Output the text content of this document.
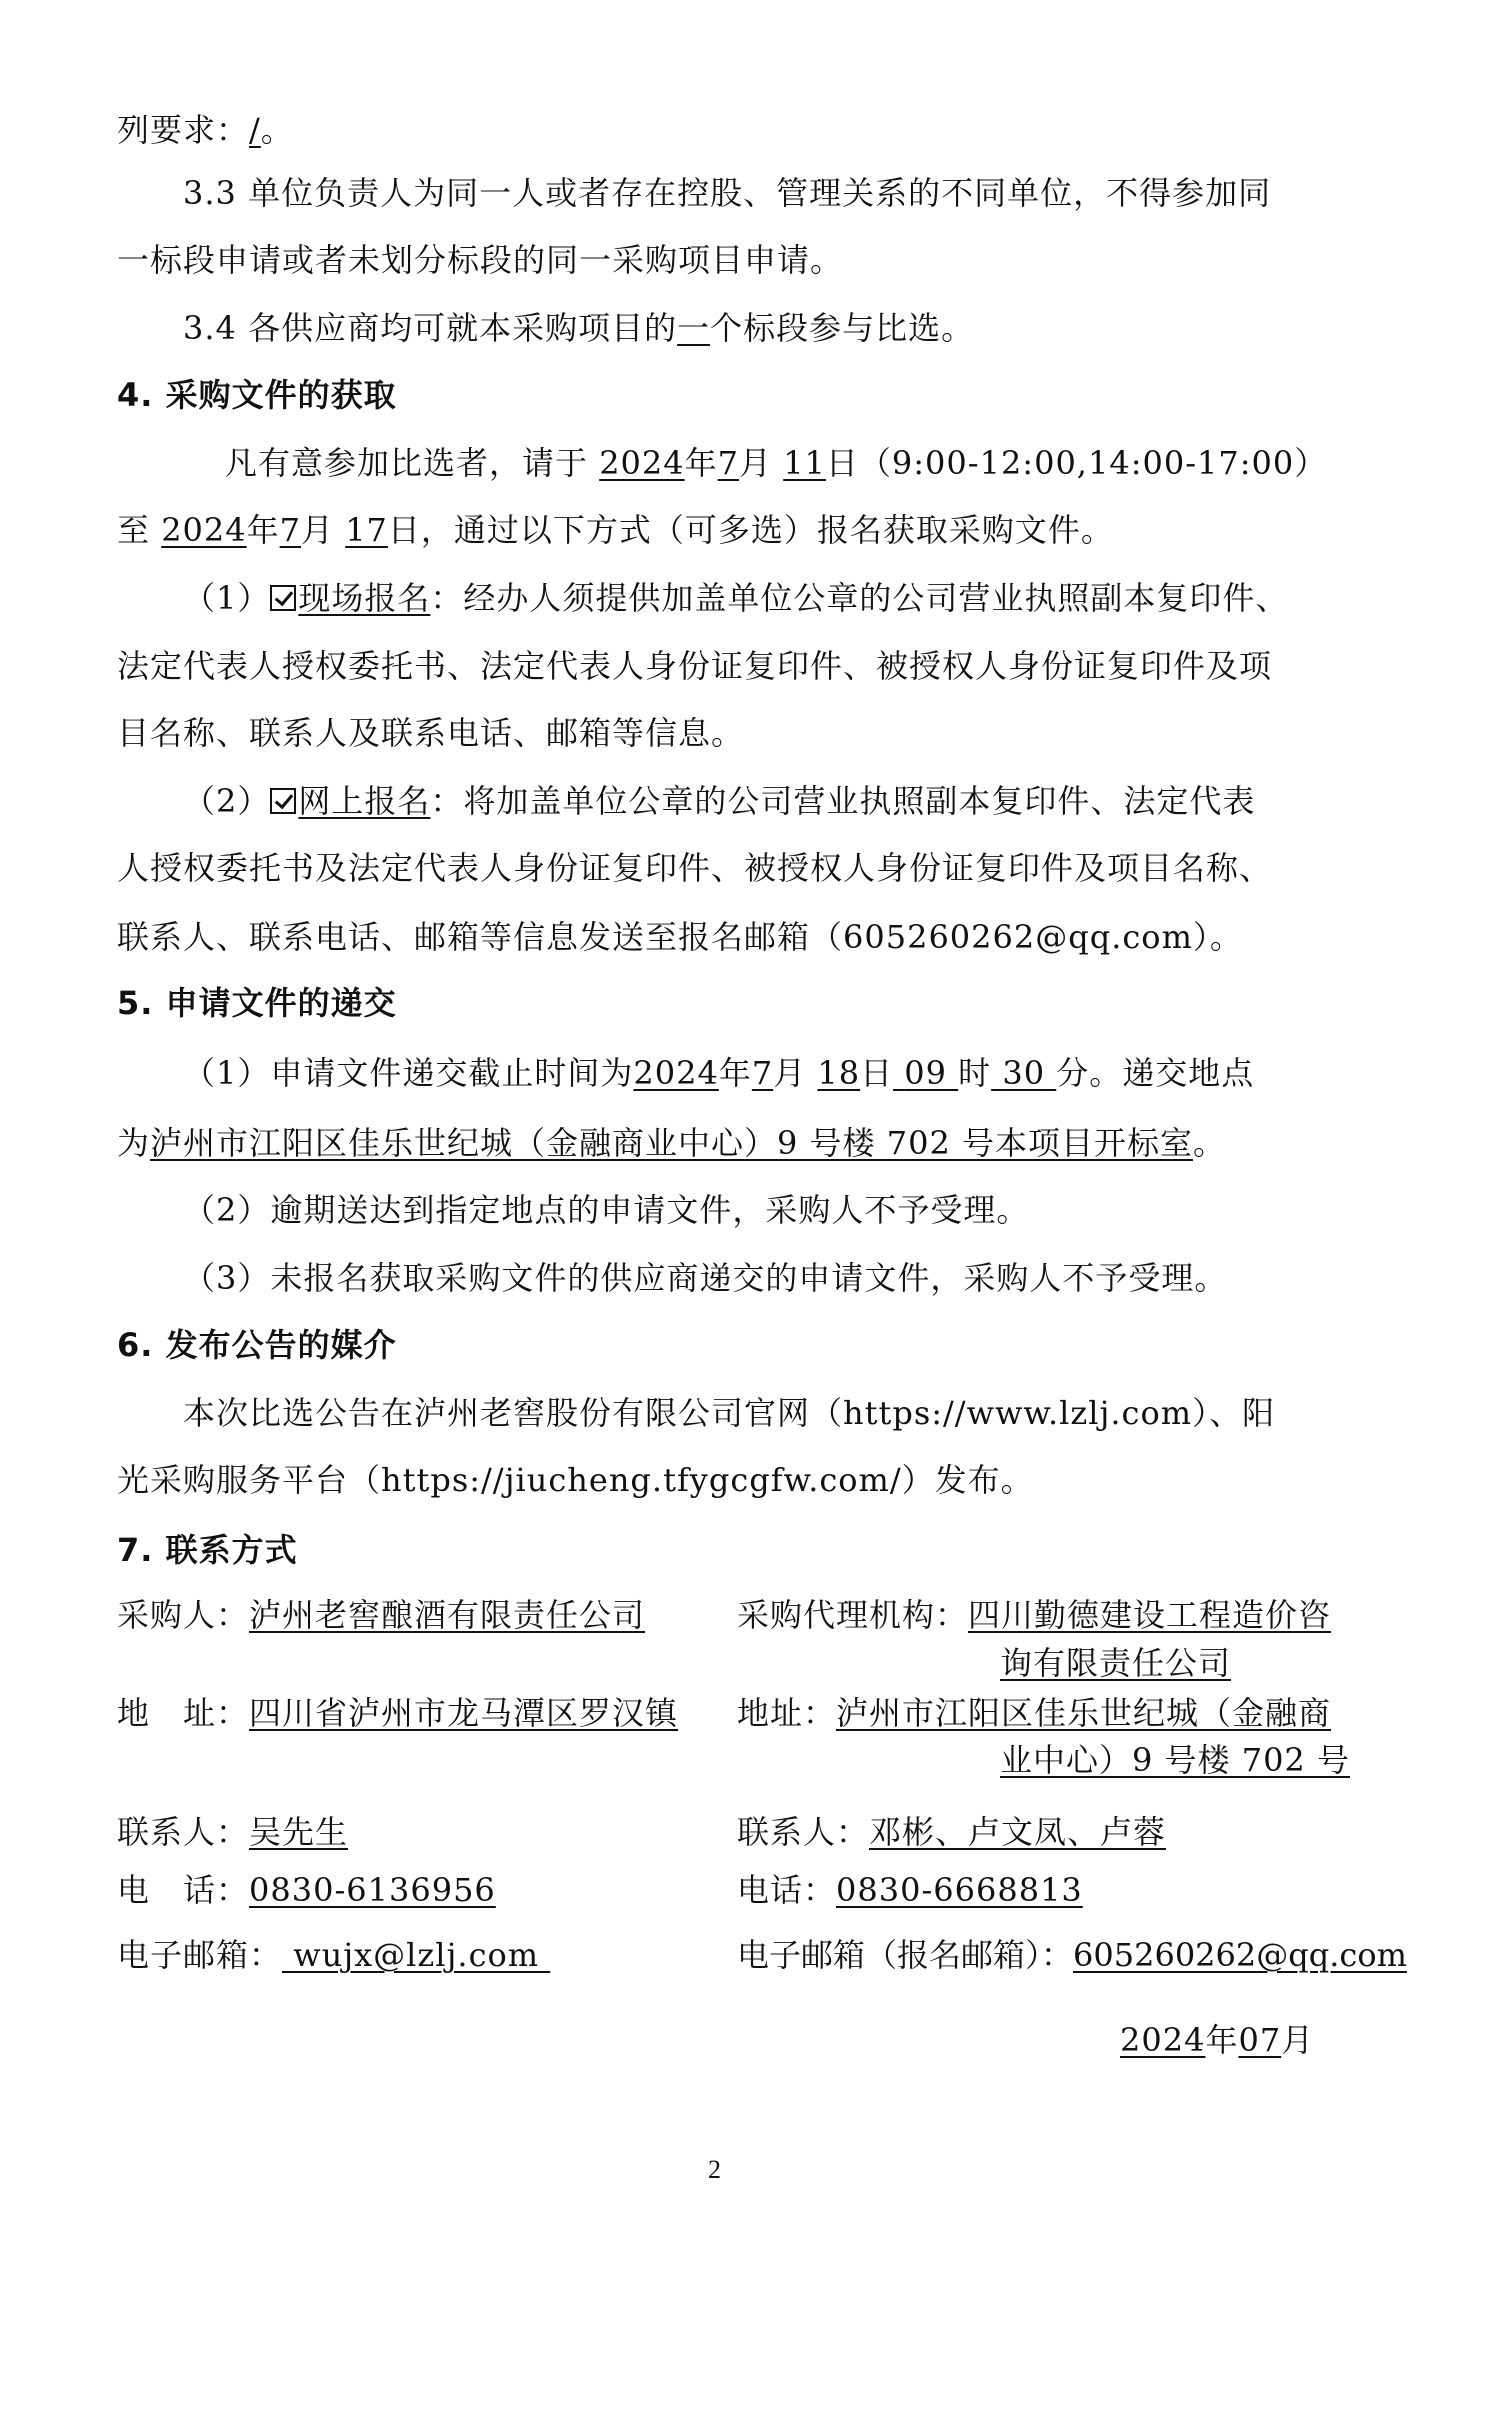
列要求：/。
3.3 单位负责人为同一人或者存在控股、管理关系的不同单位，不得参加同
一标段申请或者未划分标段的同一采购项目申请。
3.4 各供应商均可就本采购项目的一个标段参与比选。
4. 采购文件的获取
凡有意参加比选者，请于 2024年7月 11日（9:00-12:00,14:00-17:00）
至 2024年7月 17日，通过以下方式（可多选）报名获取采购文件。
（1） 现场报名：经办人须提供加盖单位公章的公司营业执照副本复印件、
法定代表人授权委托书、法定代表人身份证复印件、被授权人身份证复印件及项
目名称、联系人及联系电话、邮箱等信息。
（2） 网上报名：将加盖单位公章的公司营业执照副本复印件、法定代表
人授权委托书及法定代表人身份证复印件、被授权人身份证复印件及项目名称、
联系人、联系电话、邮箱等信息发送至报名邮箱（605260262@qq.com）。
5. 申请文件的递交
（1）申请文件递交截止时间为2024年7月 18日 09 时 30 分。递交地点
为泸州市江阳区佳乐世纪城（金融商业中心）9 号楼 702 号本项目开标室。
（2）逾期送达到指定地点的申请文件，采购人不予受理。
（3）未报名获取采购文件的供应商递交的申请文件，采购人不予受理。
6. 发布公告的媒介
本次比选公告在泸州老窖股份有限公司官网（https://www.lzlj.com）、阳
光采购服务平台（https://jiucheng.tfygcgfw.com/）发布。
7. 联系方式
采购人：泸州老窖酿酒有限责任公司
地　址：四川省泸州市龙马潭区罗汉镇
联系人：吴先生
电　话：0830-6136956
电子邮箱： wujx@lzlj.com
采购代理机构：四川勤德建设工程造价咨
询有限责任公司
地址：泸州市江阳区佳乐世纪城（金融商
业中心）9 号楼 702 号
联系人：邓彬、卢文凤、卢蓉
电话：0830-6668813
电子邮箱（报名邮箱）：605260262@qq.com
2024年07月
2
